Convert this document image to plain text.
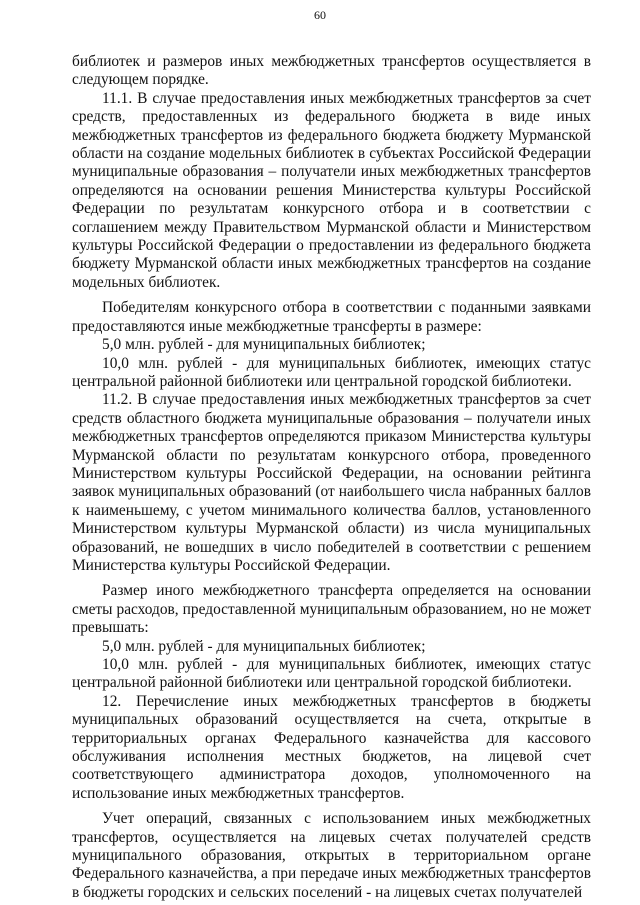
60

библиотек и размеров иных межбюджетных трансфертов осуществляется в следующем порядке.

11.1. В случае предоставления иных межбюджетных трансфертов за счет средств, предоставленных из федерального бюджета в виде иных межбюджетных трансфертов из федерального бюджета бюджету Мурманской области на создание модельных библиотек в субъектах Российской Федерации муниципальные образования – получатели иных межбюджетных трансфертов определяются на основании решения Министерства культуры Российской Федерации по результатам конкурсного отбора и в соответствии с соглашением между Правительством Мурманской области и Министерством культуры Российской Федерации о предоставлении из федерального бюджета бюджету Мурманской области иных межбюджетных трансфертов на создание модельных библиотек.

Победителям конкурсного отбора в соответствии с поданными заявками предоставляются иные межбюджетные трансферты в размере:

5,0 млн. рублей - для муниципальных библиотек;

10,0 млн. рублей - для муниципальных библиотек, имеющих статус центральной районной библиотеки или центральной городской библиотеки.

11.2. В случае предоставления иных межбюджетных трансфертов за счет средств областного бюджета муниципальные образования – получатели иных межбюджетных трансфертов определяются приказом Министерства культуры Мурманской области по результатам конкурсного отбора, проведенного Министерством культуры Российской Федерации, на основании рейтинга заявок муниципальных образований (от наибольшего числа набранных баллов к наименьшему, с учетом минимального количества баллов, установленного Министерством культуры Мурманской области) из числа муниципальных образований, не вошедших в число победителей в соответствии с решением Министерства культуры Российской Федерации.

Размер иного межбюджетного трансферта определяется на основании сметы расходов, предоставленной муниципальным образованием, но не может превышать:

5,0 млн. рублей - для муниципальных библиотек;

10,0 млн. рублей - для муниципальных библиотек, имеющих статус центральной районной библиотеки или центральной городской библиотеки.

12. Перечисление иных межбюджетных трансфертов в бюджеты муниципальных образований осуществляется на счета, открытые в территориальных органах Федерального казначейства для кассового обслуживания исполнения местных бюджетов, на лицевой счет соответствующего администратора доходов, уполномоченного на использование иных межбюджетных трансфертов.

Учет операций, связанных с использованием иных межбюджетных трансфертов, осуществляется на лицевых счетах получателей средств муниципального образования, открытых в территориальном органе Федерального казначейства, а при передаче иных межбюджетных трансфертов в бюджеты городских и сельских поселений - на лицевых счетах получателей
